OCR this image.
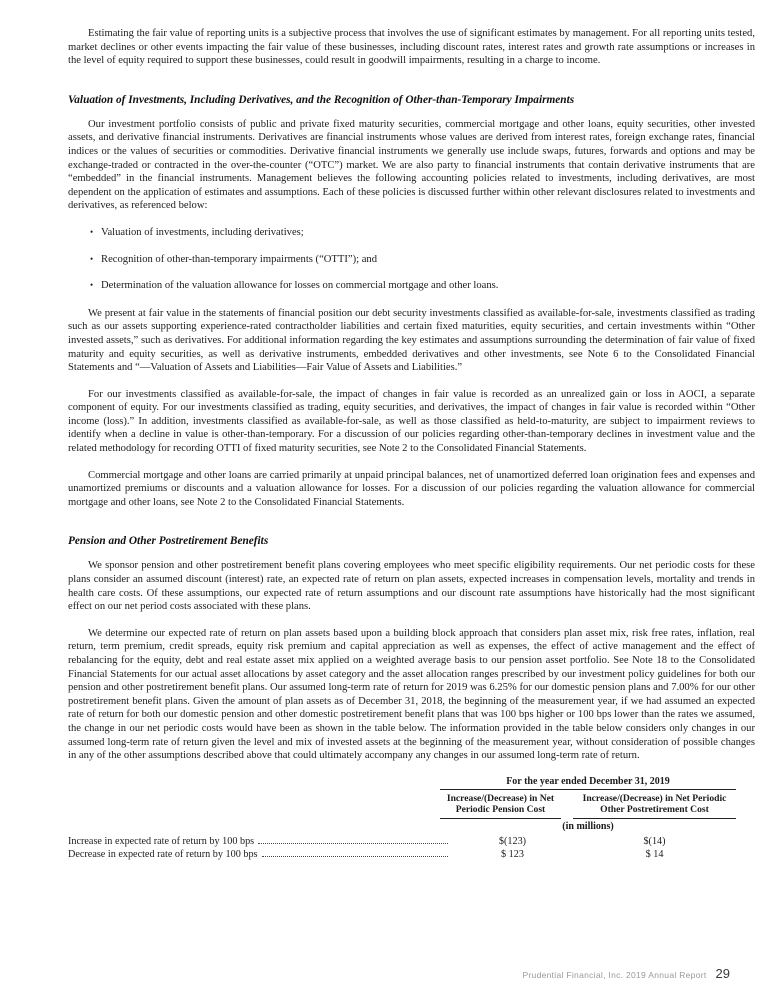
Estimating the fair value of reporting units is a subjective process that involves the use of significant estimates by management. For all reporting units tested, market declines or other events impacting the fair value of these businesses, including discount rates, interest rates and growth rate assumptions or increases in the level of equity required to support these businesses, could result in goodwill impairments, resulting in a charge to income.

Valuation of Investments, Including Derivatives, and the Recognition of Other-than-Temporary Impairments

Our investment portfolio consists of public and private fixed maturity securities, commercial mortgage and other loans, equity securities, other invested assets, and derivative financial instruments. Derivatives are financial instruments whose values are derived from interest rates, foreign exchange rates, financial indices or the values of securities or commodities. Derivative financial instruments we generally use include swaps, futures, forwards and options and may be exchange-traded or contracted in the over-the-counter (“OTC”) market. We are also party to financial instruments that contain derivative instruments that are “embedded” in the financial instruments. Management believes the following accounting policies related to investments, including derivatives, are most dependent on the application of estimates and assumptions. Each of these policies is discussed further within other relevant disclosures related to investments and derivatives, as referenced below:

• Valuation of investments, including derivatives;
• Recognition of other-than-temporary impairments (“OTTI”); and
• Determination of the valuation allowance for losses on commercial mortgage and other loans.

We present at fair value in the statements of financial position our debt security investments classified as available-for-sale, investments classified as trading such as our assets supporting experience-rated contractholder liabilities and certain fixed maturities, equity securities, and certain investments within “Other invested assets,” such as derivatives. For additional information regarding the key estimates and assumptions surrounding the determination of fair value of fixed maturity and equity securities, as well as derivative instruments, embedded derivatives and other investments, see Note 6 to the Consolidated Financial Statements and “—Valuation of Assets and Liabilities—Fair Value of Assets and Liabilities.”

For our investments classified as available-for-sale, the impact of changes in fair value is recorded as an unrealized gain or loss in AOCI, a separate component of equity. For our investments classified as trading, equity securities, and derivatives, the impact of changes in fair value is recorded within “Other income (loss).” In addition, investments classified as available-for-sale, as well as those classified as held-to-maturity, are subject to impairment reviews to identify when a decline in value is other-than-temporary. For a discussion of our policies regarding other-than-temporary declines in investment value and the related methodology for recording OTTI of fixed maturity securities, see Note 2 to the Consolidated Financial Statements.

Commercial mortgage and other loans are carried primarily at unpaid principal balances, net of unamortized deferred loan origination fees and expenses and unamortized premiums or discounts and a valuation allowance for losses. For a discussion of our policies regarding the valuation allowance for commercial mortgage and other loans, see Note 2 to the Consolidated Financial Statements.

Pension and Other Postretirement Benefits

We sponsor pension and other postretirement benefit plans covering employees who meet specific eligibility requirements. Our net periodic costs for these plans consider an assumed discount (interest) rate, an expected rate of return on plan assets, expected increases in compensation levels, mortality and trends in health care costs. Of these assumptions, our expected rate of return assumptions and our discount rate assumptions have historically had the most significant effect on our net period costs associated with these plans.

We determine our expected rate of return on plan assets based upon a building block approach that considers plan asset mix, risk free rates, inflation, real return, term premium, credit spreads, equity risk premium and capital appreciation as well as expenses, the effect of active management and the effect of rebalancing for the equity, debt and real estate asset mix applied on a weighted average basis to our pension asset portfolio. See Note 18 to the Consolidated Financial Statements for our actual asset allocations by asset category and the asset allocation ranges prescribed by our investment policy guidelines for both our pension and other postretirement benefit plans. Our assumed long-term rate of return for 2019 was 6.25% for our domestic pension plans and 7.00% for our other postretirement benefit plans. Given the amount of plan assets as of December 31, 2018, the beginning of the measurement year, if we had assumed an expected rate of return for both our domestic pension and other domestic postretirement benefit plans that was 100 bps higher or 100 bps lower than the rates we assumed, the change in our net periodic costs would have been as shown in the table below. The information provided in the table below considers only changes in our assumed long-term rate of return given the level and mix of invested assets at the beginning of the measurement year, without consideration of possible changes in any of the other assumptions described above that could ultimately accompany any changes in our assumed long-term rate of return.

For the year ended December 31, 2019
Increase/(Decrease) in Net Periodic Pension Cost
Increase/(Decrease) in Net Periodic Other Postretirement Cost
(in millions)
Increase in expected rate of return by 100 bps	$(123)	$(14)
Decrease in expected rate of return by 100 bps	$ 123	$ 14
Prudential Financial, Inc. 2019 Annual Report 29
